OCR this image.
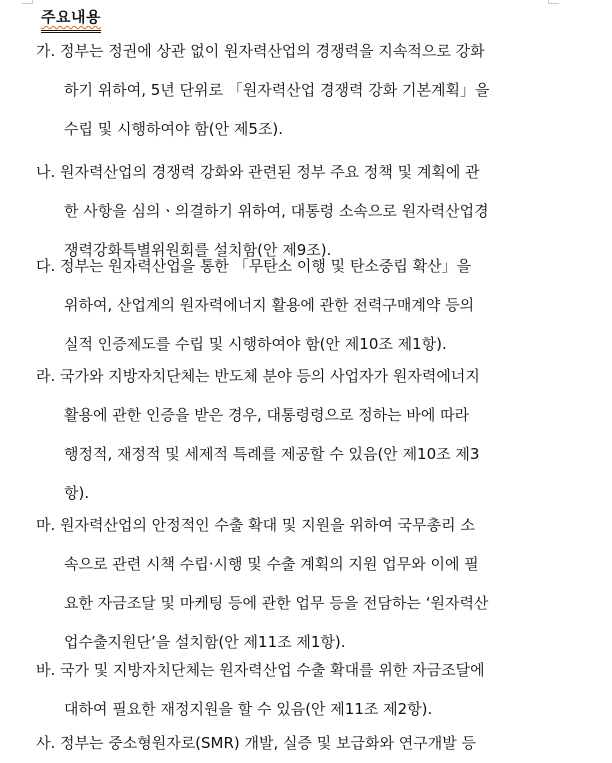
주요내용
가. 정부는 정권에 상관 없이 원자력산업의 경쟁력을 지속적으로 강화
하기 위하여, 5년 단위로 「원자력산업 경쟁력 강화 기본계획」을
수립 및 시행하여야 함(안 제5조).
나. 원자력산업의 경쟁력 강화와 관련된 정부 주요 정책 및 계획에 관
한 사항을 심의ㆍ의결하기 위하여, 대통령 소속으로 원자력산업경
쟁력강화특별위원회를 설치함(안 제9조).
다. 정부는 원자력산업을 통한 「무탄소 이행 및 탄소중립 확산」을
위하여, 산업계의 원자력에너지 활용에 관한 전력구매계약 등의
실적 인증제도를 수립 및 시행하여야 함(안 제10조 제1항).
라. 국가와 지방자치단체는 반도체 분야 등의 사업자가 원자력에너지
활용에 관한 인증을 받은 경우, 대통령령으로 정하는 바에 따라
행정적, 재정적 및 세제적 특례를 제공할 수 있음(안 제10조 제3
항).
마. 원자력산업의 안정적인 수출 확대 및 지원을 위하여 국무총리 소
속으로 관련 시책 수립·시행 및 수출 계획의 지원 업무와 이에 필
요한 자금조달 및 마케팅 등에 관한 업무 등을 전담하는 ‘원자력산
업수출지원단’을 설치함(안 제11조 제1항).
바. 국가 및 지방자치단체는 원자력산업 수출 확대를 위한 자금조달에
대하여 필요한 재정지원을 할 수 있음(안 제11조 제2항).
사. 정부는 중소형원자로(SMR) 개발, 실증 및 보급화와 연구개발 등
